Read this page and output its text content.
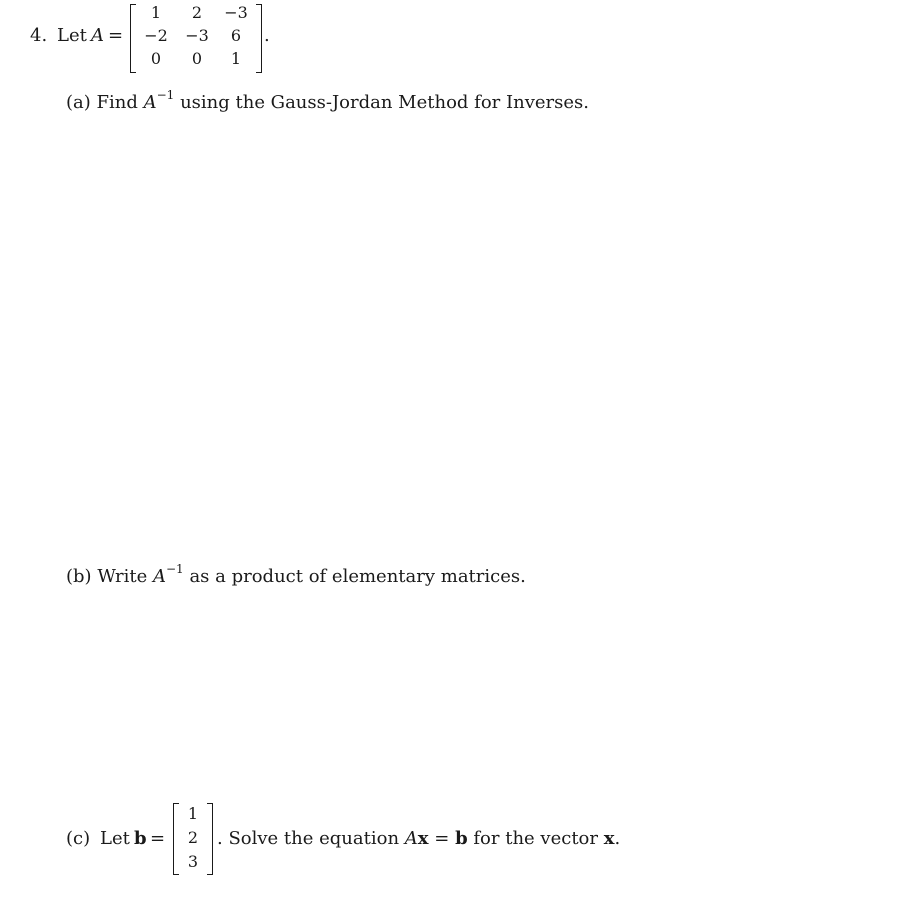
4. Let A =
1	2	−3
−2	−3	6
0	0	1
.
(a) Find $A^{-1}$ using the Gauss-Jordan Method for Inverses.
(b) Write $A^{-1}$ as a product of elementary matrices.
(c) Let b =
1
2
3
. Solve the equation Ax = b for the vector x.
